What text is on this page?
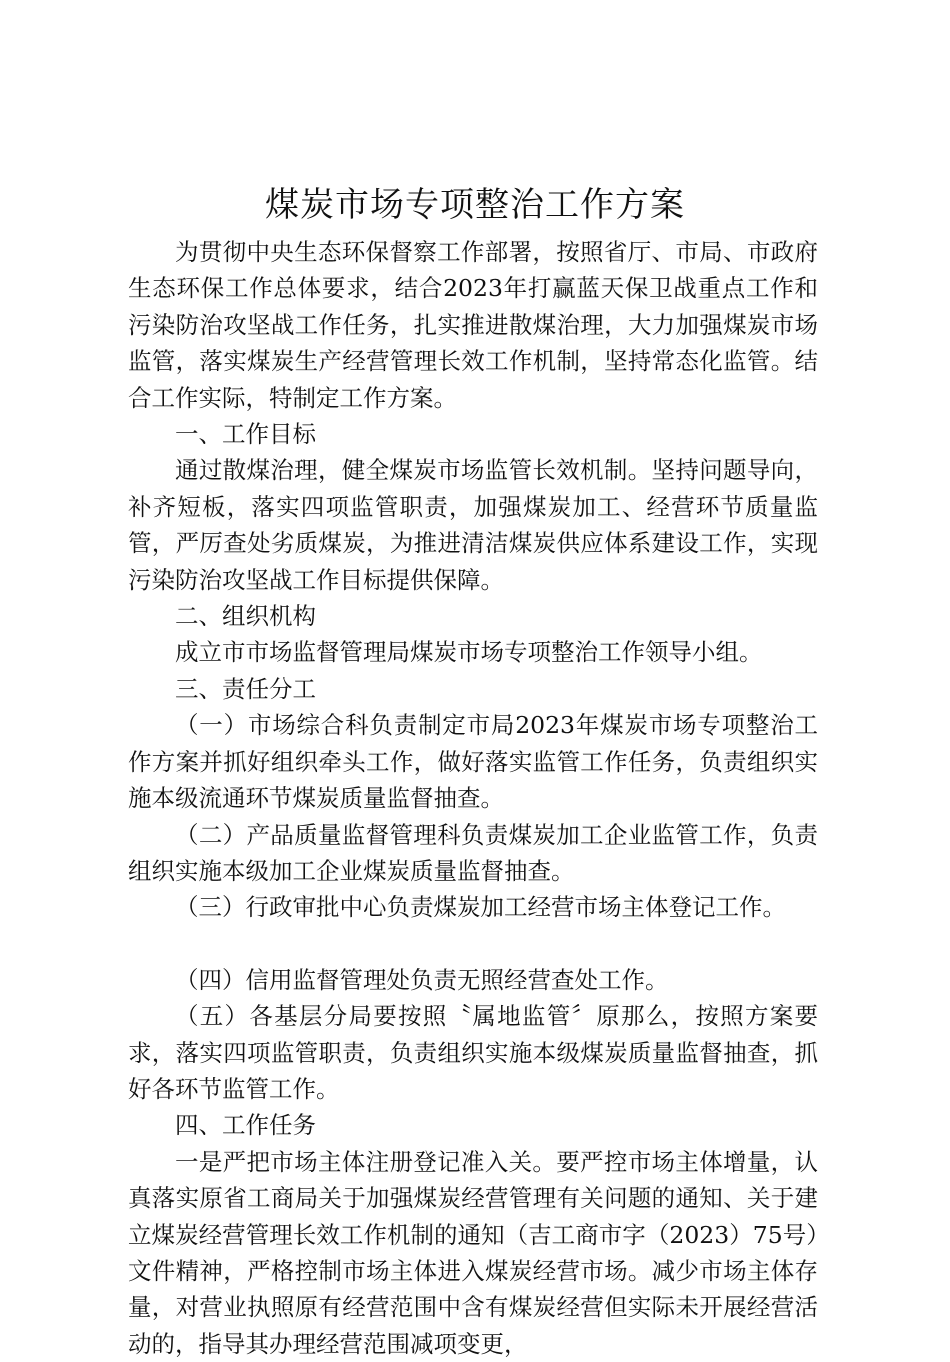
煤炭市场专项整治工作方案

为贯彻中央生态环保督察工作部署，按照省厅、市局、市政府生态环保工作总体要求，结合2023年打赢蓝天保卫战重点工作和污染防治攻坚战工作任务，扎实推进散煤治理，大力加强煤炭市场监管，落实煤炭生产经营管理长效工作机制，坚持常态化监管。结合工作实际，特制定工作方案。

一、工作目标

通过散煤治理，健全煤炭市场监管长效机制。坚持问题导向，补齐短板，落实四项监管职责，加强煤炭加工、经营环节质量监管，严厉查处劣质煤炭，为推进清洁煤炭供应体系建设工作，实现污染防治攻坚战工作目标提供保障。

二、组织机构

成立市市场监督管理局煤炭市场专项整治工作领导小组。

三、责任分工

（一）市场综合科负责制定市局2023年煤炭市场专项整治工作方案并抓好组织牵头工作，做好落实监管工作任务，负责组织实施本级流通环节煤炭质量监督抽查。

（二）产品质量监督管理科负责煤炭加工企业监管工作，负责组织实施本级加工企业煤炭质量监督抽查。

（三）行政审批中心负责煤炭加工经营市场主体登记工作。

（四）信用监督管理处负责无照经营查处工作。

（五）各基层分局要按照〝属地监管〞原那么，按照方案要求，落实四项监管职责，负责组织实施本级煤炭质量监督抽查，抓好各环节监管工作。

四、工作任务

一是严把市场主体注册登记准入关。要严控市场主体增量，认真落实原省工商局关于加强煤炭经营管理有关问题的通知、关于建立煤炭经营管理长效工作机制的通知（吉工商市字（2023）75号）文件精神，严格控制市场主体进入煤炭经营市场。减少市场主体存量，对营业执照原有经营范围中含有煤炭经营但实际未开展经营活动的，指导其办理经营范围减项变更，
